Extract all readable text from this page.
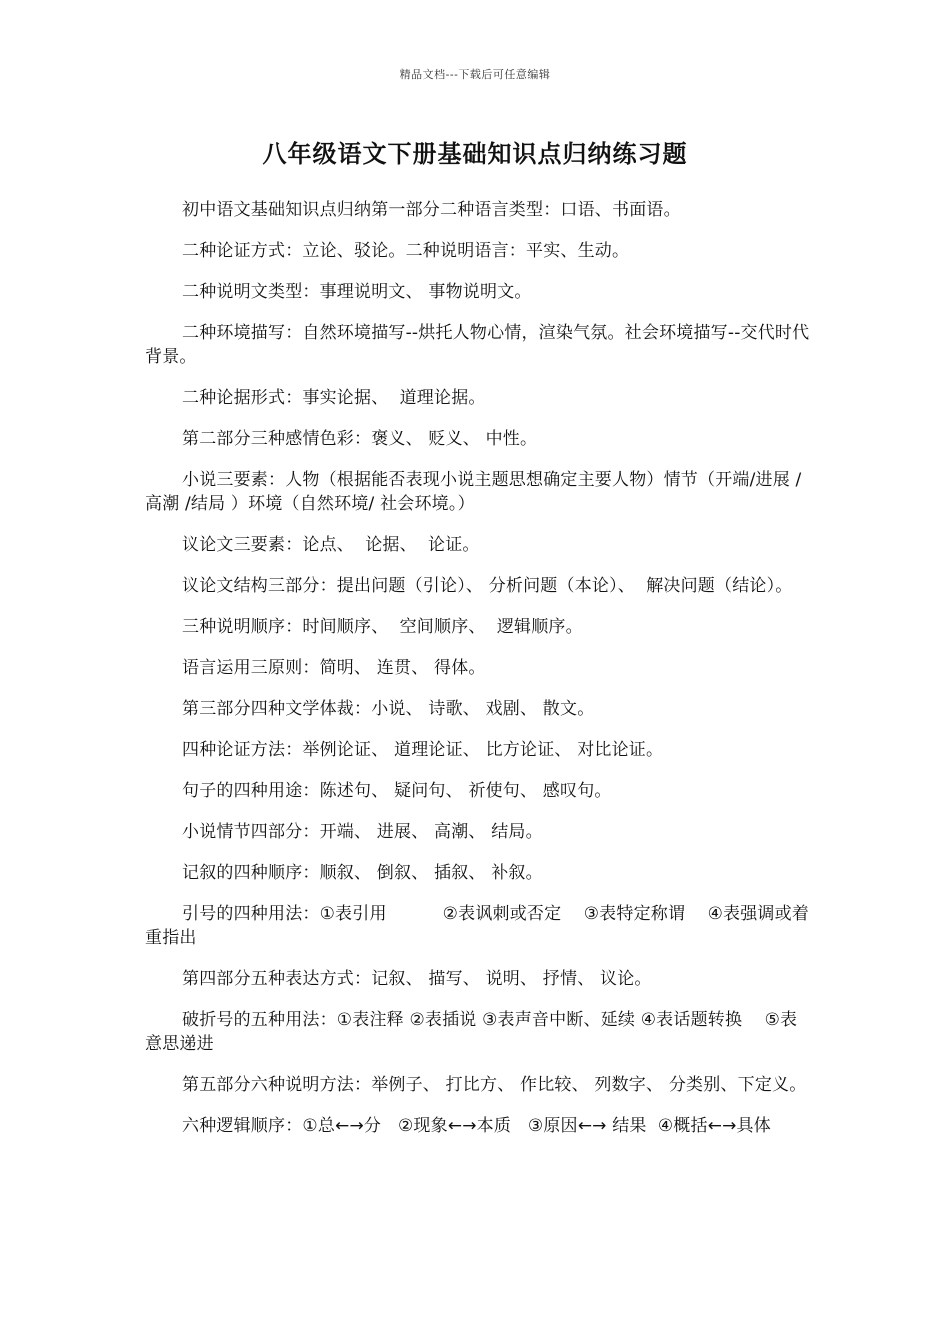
精品文档---下载后可任意编辑
八年级语文下册基础知识点归纳练习题

初中语文基础知识点归纳第一部分二种语言类型：口语、书面语。

二种论证方式：立论、驳论。二种说明语言：平实、生动。

二种说明文类型：事理说明文、 事物说明文。

二种环境描写：自然环境描写--烘托人物心情，渲染气氛。社会环境描写--交代时代背景。

二种论据形式：事实论据、  道理论据。

第二部分三种感情色彩：褒义、 贬义、 中性。

小说三要素：人物（根据能否表现小说主题思想确定主要人物）情节（开端/进展 /高潮 /结局 ）环境（自然环境/ 社会环境。）

议论文三要素：论点、  论据、  论证。

议论文结构三部分：提出问题（引论）、 分析问题（本论）、  解决问题（结论）。

三种说明顺序：时间顺序、  空间顺序、  逻辑顺序。

语言运用三原则：简明、 连贯、 得体。

第三部分四种文学体裁：小说、 诗歌、 戏剧、 散文。

四种论证方法：举例论证、 道理论证、 比方论证、 对比论证。

句子的四种用途：陈述句、 疑问句、 祈使句、 感叹句。

小说情节四部分：开端、 进展、 高潮、 结局。

记叙的四种顺序：顺叙、 倒叙、 插叙、 补叙。

引号的四种用法：①表引用          ②表讽刺或否定    ③表特定称谓    ④表强调或着重指出

第四部分五种表达方式：记叙、 描写、 说明、 抒情、 议论。

破折号的五种用法：①表注释 ②表插说 ③表声音中断、延续 ④表话题转换    ⑤表意思递进

第五部分六种说明方法：举例子、 打比方、 作比较、 列数字、 分类别、下定义。

六种逻辑顺序：①总←→分   ②现象←→本质   ③原因←→ 结果  ④概括←→具体
